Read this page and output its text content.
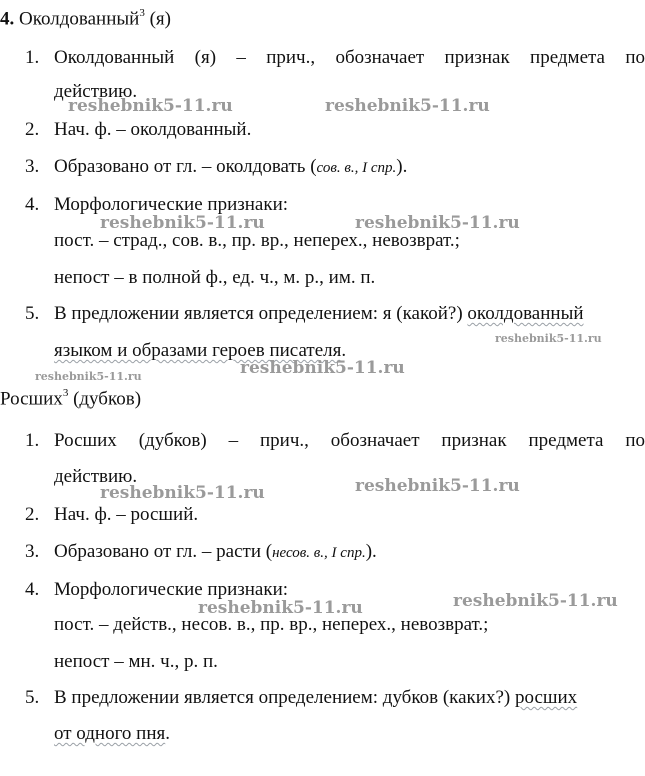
4. Околдованный$^3$ (я)
1. Околдованный (я) – прич., обозначает признак предмета по
действию.
2. Нач. ф. – околдованный.
3. Образовано от гл. – околдовать (сов. в., I спр.).
4. Морфологические признаки:
пост. – страд., сов. в., пр. вр., неперех., невозврат.;
непост – в полной ф., ед. ч., м. р., им. п.
5. В предложении является определением: я (какой?) околдованный
языком и образами героев писателя.
Росших$^3$ (дубков)
1. Росших (дубков) – прич., обозначает признак предмета по
действию.
2. Нач. ф. – росший.
3. Образовано от гл. – расти (несов. в., I спр.).
4. Морфологические признаки:
пост. – действ., несов. в., пр. вр., неперех., невозврат.;
непост – мн. ч., р. п.
5. В предложении является определением: дубков (каких?) росших
от одного пня.
reshebnik5-11.ru	reshebnik5-11.ru
reshebnik5-11.ru	reshebnik5-11.ru
reshebnik5-11.ru
reshebnik5-11.ru	reshebnik5-11.ru
reshebnik5-11.ru	reshebnik5-11.ru
reshebnik5-11.ru	reshebnik5-11.ru
